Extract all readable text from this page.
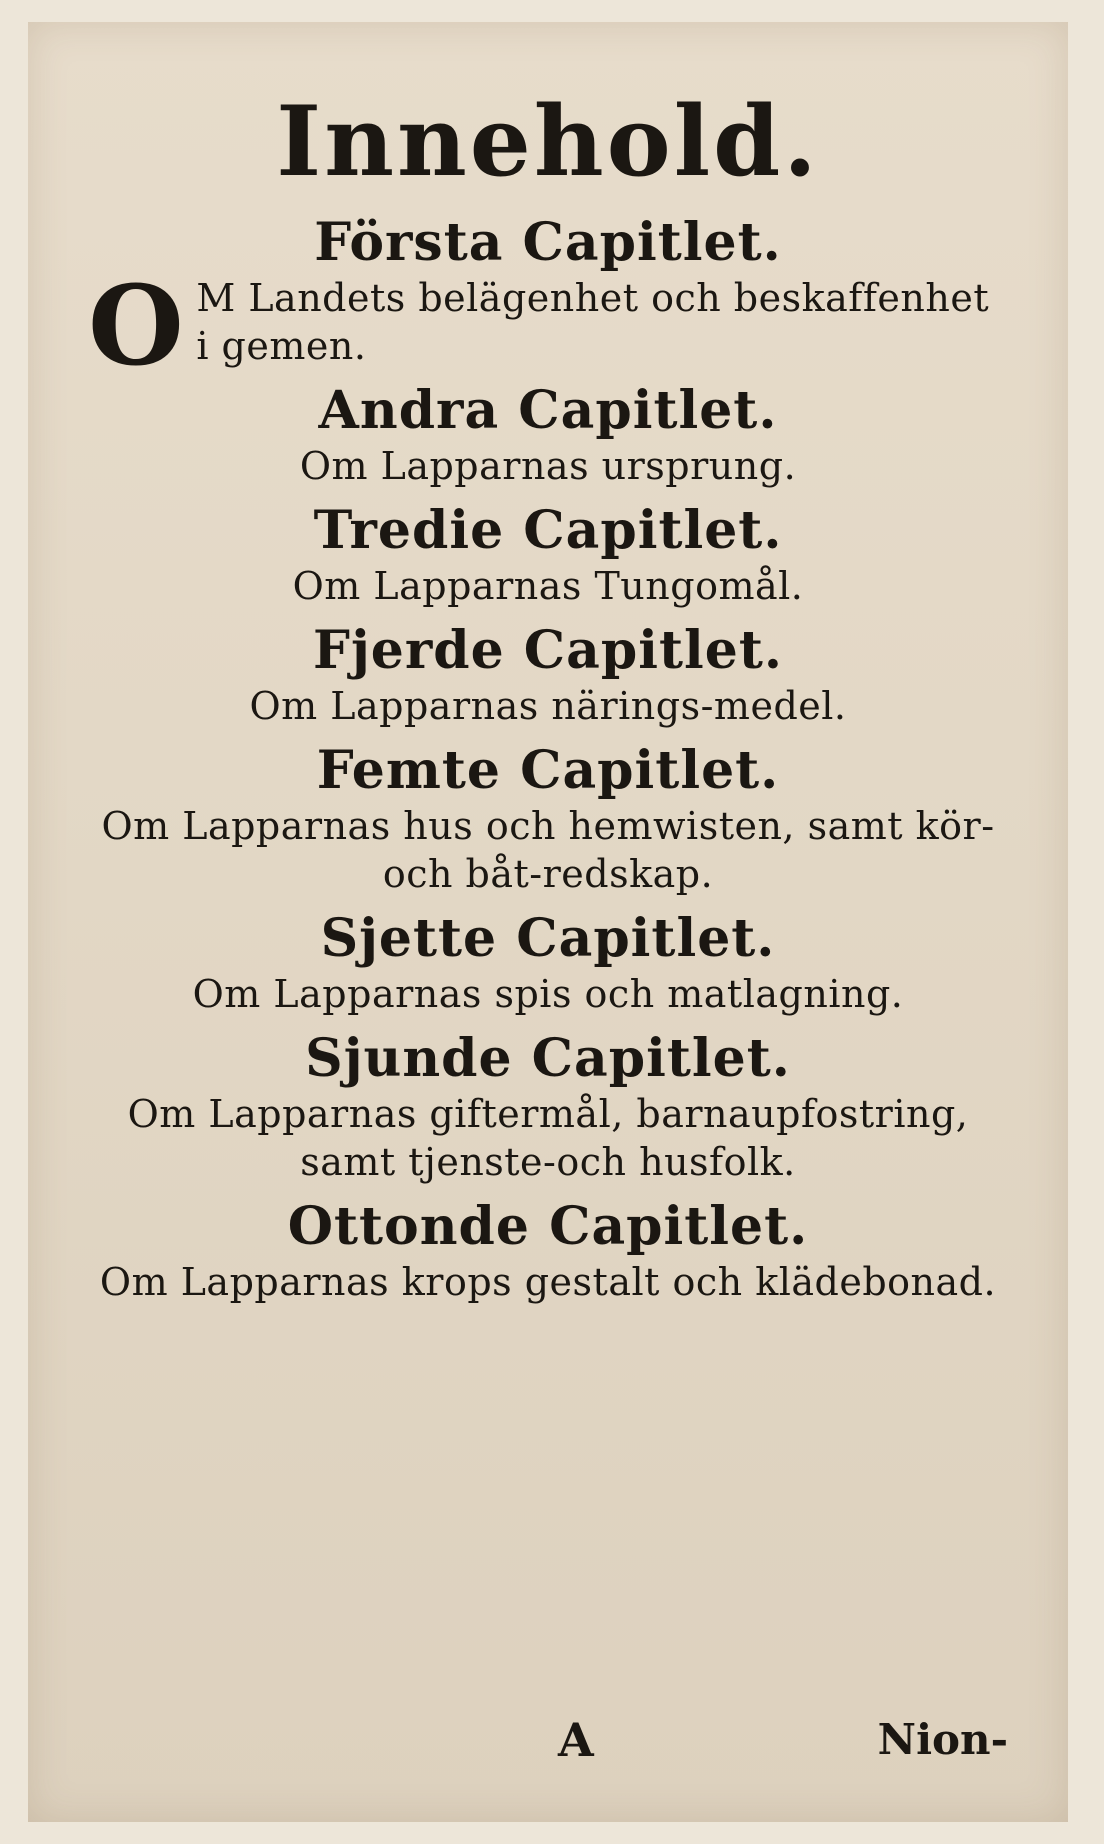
Innehold.
Första Capitlet.
O M Landets belägenhet och beskaffenhet i gemen.
Andra Capitlet.
Om Lapparnas ursprung.
Tredie Capitlet.
Om Lapparnas Tungomål.
Fjerde Capitlet.
Om Lapparnas närings-medel.
Femte Capitlet.
Om Lapparnas hus och hemwisten, samt kör- och båt-redskap.
Sjette Capitlet.
Om Lapparnas spis och matlagning.
Sjunde Capitlet.
Om Lapparnas giftermål, barnaupfostring, samt tjenste-och husfolk.
Ottonde Capitlet.
Om Lapparnas krops gestalt och klädebonad.
A	Nion-
